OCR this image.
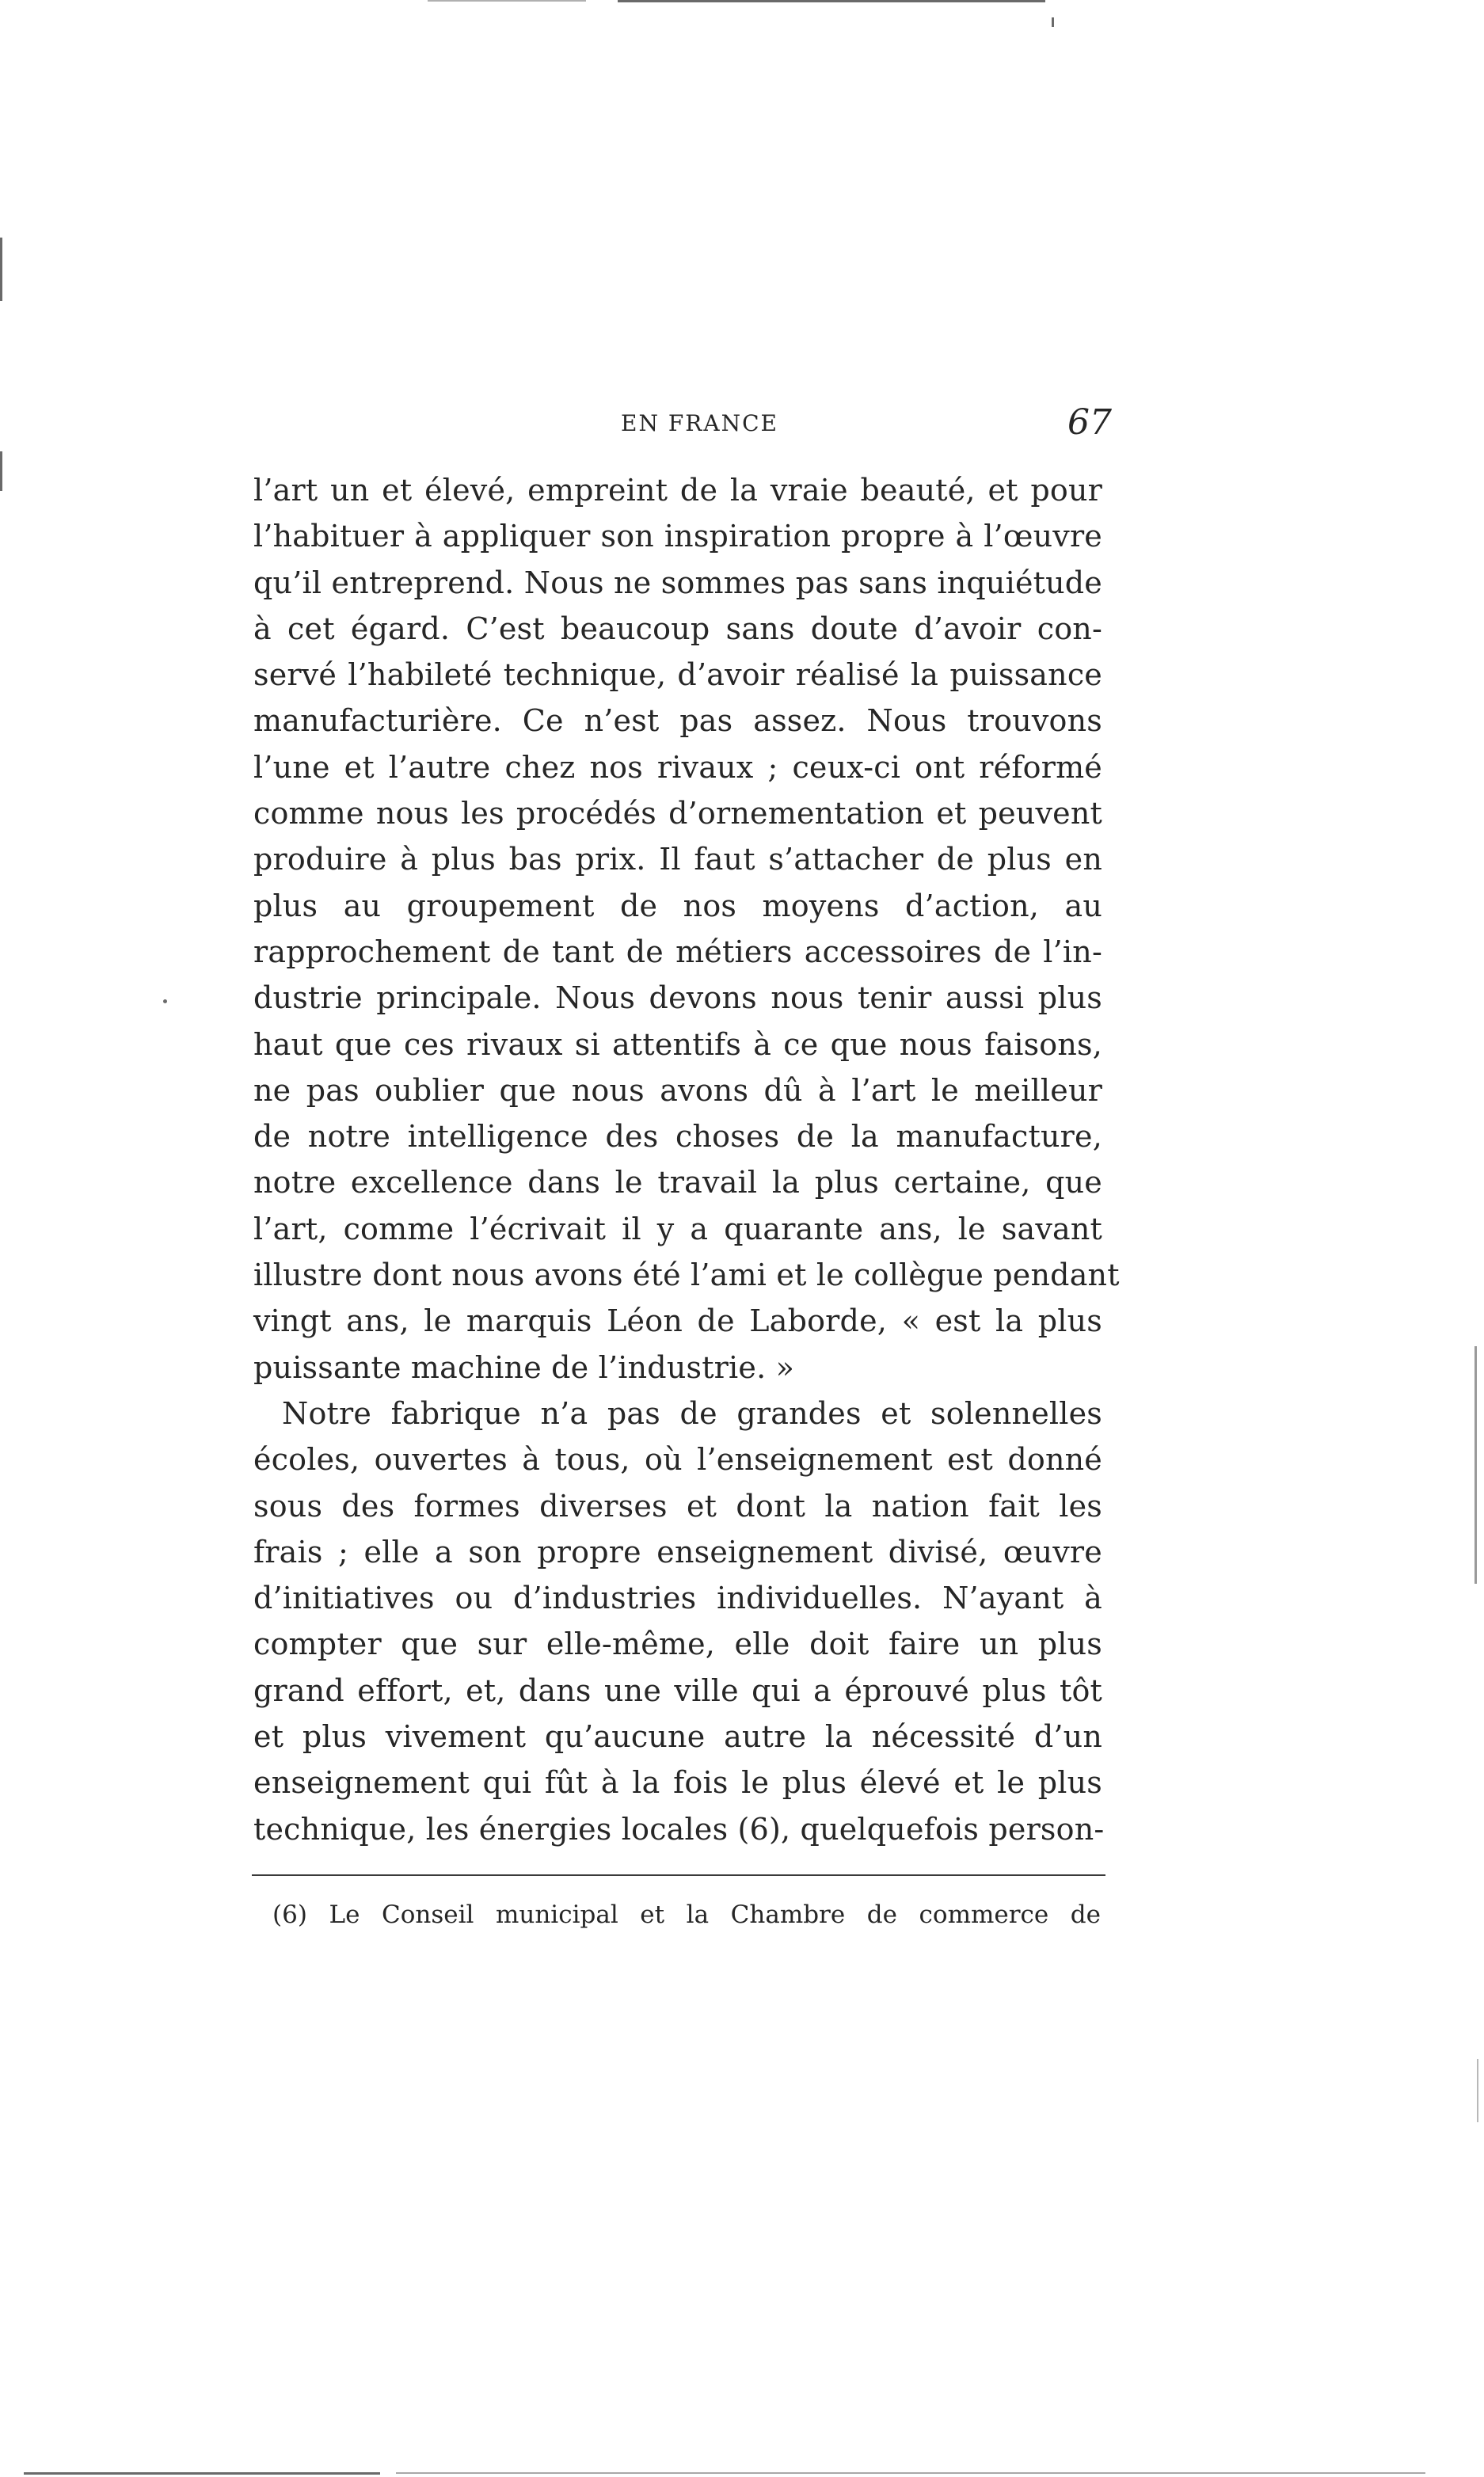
EN FRANCE	67
l’art un et élevé, empreint de la vraie beauté, et pour
l’habituer à appliquer son inspiration propre à l’œuvre
qu’il entreprend. Nous ne sommes pas sans inquiétude
à cet égard. C’est beaucoup sans doute d’avoir con-
servé l’habileté technique, d’avoir réalisé la puissance
manufacturière. Ce n’est pas assez. Nous trouvons
l’une et l’autre chez nos rivaux ; ceux-ci ont réformé
comme nous les procédés d’ornementation et peuvent
produire à plus bas prix. Il faut s’attacher de plus en
plus au groupement de nos moyens d’action, au
rapprochement de tant de métiers accessoires de l’in-
dustrie principale. Nous devons nous tenir aussi plus
haut que ces rivaux si attentifs à ce que nous faisons,
ne pas oublier que nous avons dû à l’art le meilleur
de notre intelligence des choses de la manufacture,
notre excellence dans le travail la plus certaine, que
l’art, comme l’écrivait il y a quarante ans, le savant
illustre dont nous avons été l’ami et le collègue pendant
vingt ans, le marquis Léon de Laborde, « est la plus
puissante machine de l’industrie. »
Notre fabrique n’a pas de grandes et solennelles
écoles, ouvertes à tous, où l’enseignement est donné
sous des formes diverses et dont la nation fait les
frais ; elle a son propre enseignement divisé, œuvre
d’initiatives ou d’industries individuelles. N’ayant à
compter que sur elle-même, elle doit faire un plus
grand effort, et, dans une ville qui a éprouvé plus tôt
et plus vivement qu’aucune autre la nécessité d’un
enseignement qui fût à la fois le plus élevé et le plus
technique, les énergies locales (6), quelquefois person-
(6) Le Conseil municipal et la Chambre de commerce de
